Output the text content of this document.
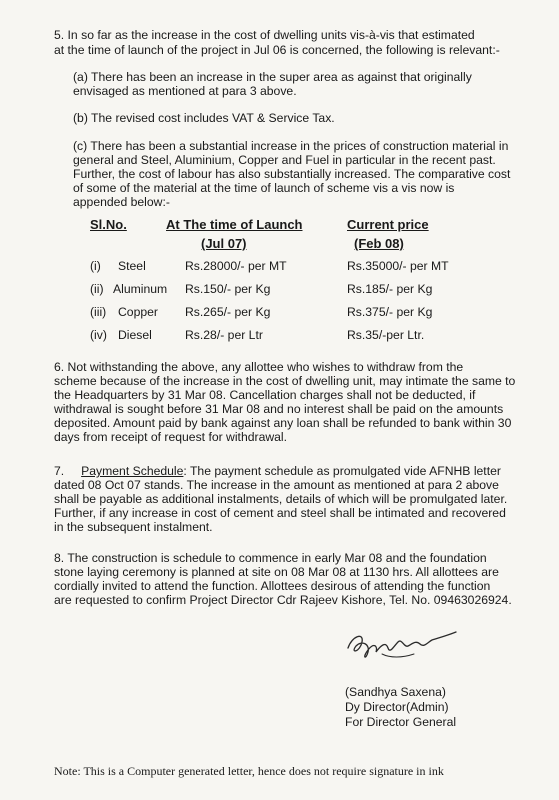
5. In so far as the increase in the cost of dwelling units vis-à-vis that estimated
at the time of launch of the project in Jul 06 is concerned, the following is relevant:-
(a) There has been an increase in the super area as against that originally
envisaged as mentioned at para 3 above.
(b) The revised cost includes VAT & Service Tax.
(c) There has been a substantial increase in the prices of construction material in
general and Steel, Aluminium, Copper and Fuel in particular in the recent past.
Further, the cost of labour has also substantially increased. The comparative cost
of some of the material at the time of launch of scheme vis a vis now is
appended below:-
Sl.No.	At The time of Launch	Current price
(Jul 07)	(Feb 08)
(i) Steel	Rs.28000/- per MT	Rs.35000/- per MT
(ii) Aluminum Rs.150/- per Kg	Rs.185/- per Kg
(iii) Copper Rs.265/- per Kg	Rs.375/- per Kg
(iv) Diesel	Rs.28/- per Ltr	Rs.35/-per Ltr.
6. Not withstanding the above, any allottee who wishes to withdraw from the
scheme because of the increase in the cost of dwelling unit, may intimate the same to
the Headquarters by 31 Mar 08. Cancellation charges shall not be deducted, if
withdrawal is sought before 31 Mar 08 and no interest shall be paid on the amounts
deposited. Amount paid by bank against any loan shall be refunded to bank within 30
days from receipt of request for withdrawal.
7.     Payment Schedule: The payment schedule as promulgated vide AFNHB letter
dated 08 Oct 07 stands. The increase in the amount as mentioned at para 2 above
shall be payable as additional instalments, details of which will be promulgated later.
Further, if any increase in cost of cement and steel shall be intimated and recovered
in the subsequent instalment.
8. The construction is schedule to commence in early Mar 08 and the foundation
stone laying ceremony is planned at site on 08 Mar 08 at 1130 hrs. All allottees are
cordially invited to attend the function. Allottees desirous of attending the function
are requested to confirm Project Director Cdr Rajeev Kishore, Tel. No. 09463026924.
(Sandhya Saxena)
Dy Director(Admin)
For Director General
Note: This is a Computer generated letter, hence does not require signature in ink
